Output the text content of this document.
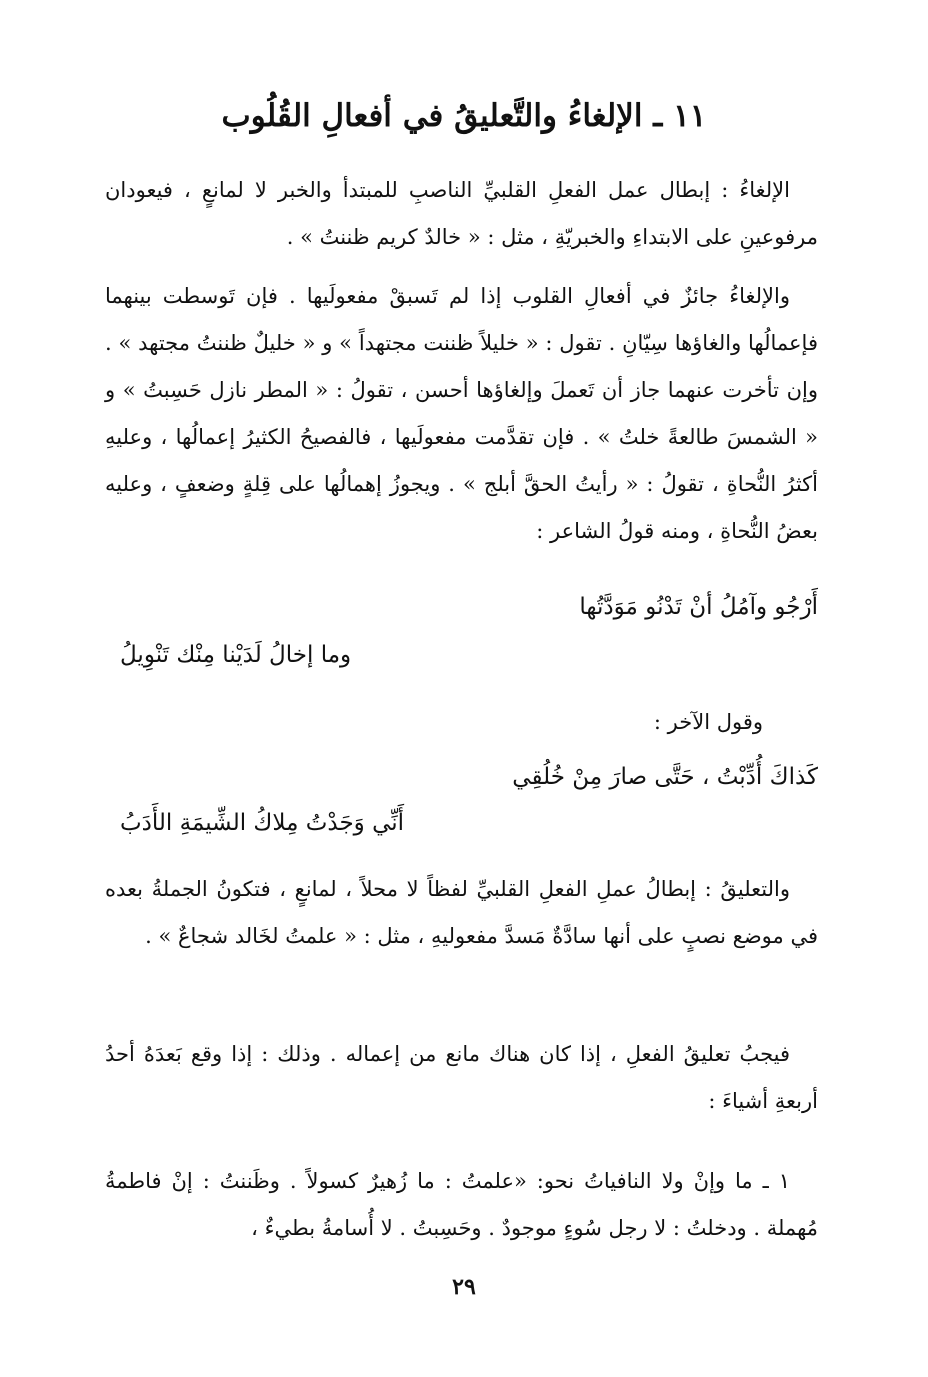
١١ ـ الإلغاءُ والتَّعليقُ في أفعالِ القُلُوب

الإلغاءُ : إبطال عمل الفعلِ القلبيِّ الناصبِ للمبتدأ والخبر لا لمانعٍ ، فيعودان مرفوعينِ على الابتداءِ والخبريّةِ ، مثل : « خالدٌ كريم ظننتُ » .

والإلغاءُ جائزٌ في أفعالِ القلوب إذا لم تَسبقْ مفعولَيها . فإن تَوسطت بينهما فإعمالُها والغاؤها سِيّانِ . تقول : « خليلاً ظننت مجتهداً » و « خليلٌ ظننتُ مجتهد » . وإن تأخرت عنهما جاز أن تَعملَ وإلغاؤها أحسن ، تقولُ : « المطر نازل حَسِبتُ » و « الشمسَ طالعةً خلتُ » . فإن تقدَّمت مفعولَيها ، فالفصيحُ الكثيرُ إعمالُها ، وعليهِ أكثرُ النُّحاةِ ، تقولُ : « رأيتُ الحقَّ أبلج » . ويجوزُ إهمالُها على قِلةٍ وضعفٍ ، وعليه بعضُ النُّحاةِ ، ومنه قولُ الشاعر :

أَرْجُو وآمُلُ أنْ تَدْنُو مَوَدَّتُها

وما إخالُ لَدَيْنا مِنْك تَنْوِيلُ

وقول الآخر :

كَذاكَ أُدِّبْتُ ، حَتَّى صارَ مِنْ خُلُقِي

أَنِّي وَجَدْتُ مِلاكُ الشِّيمَةِ الأَدَبُ

والتعليقُ : إبطالُ عملِ الفعلِ القلبيِّ لفظاً لا محلاً ، لمانعٍ ، فتكونُ الجملةُ بعده في موضع نصبٍ على أنها سادَّةٌ مَسدَّ مفعوليهِ ، مثل : « علمتُ لخَالد شجاعٌ » .

فيجبُ تعليقُ الفعلِ ، إذا كان هناك مانع من إعماله . وذلك : إذا وقع بَعدَهُ أحدُ أربعةِ أشياءَ :

١ ـ ما وإنْ ولا النافياتُ نحو: «علمتُ : ما زُهيرٌ كسولاً . وظَننتُ : إنْ فاطمةُ مُهملة . ودخلتُ : لا رجل سُوءٍ موجودٌ . وحَسِبتُ . لا أُسامةُ بطيءٌ ،

٢٩
